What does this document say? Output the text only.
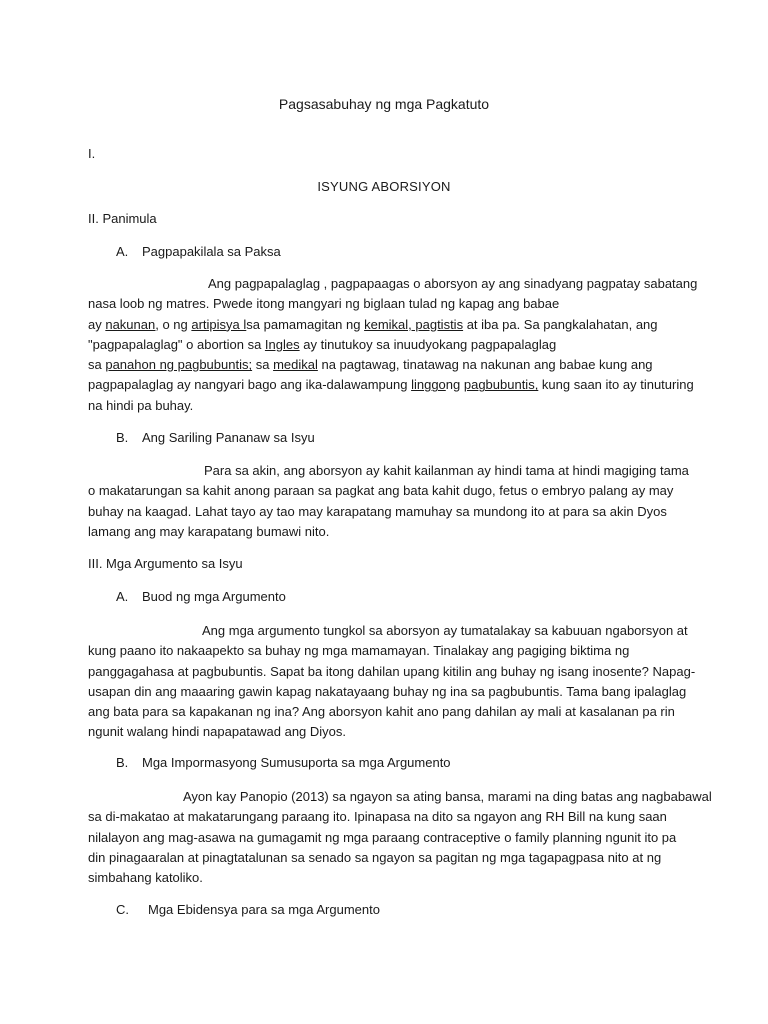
Pagsasabuhay ng mga Pagkatuto
I.
ISYUNG ABORSIYON
II. Panimula
A. Pagpapakilala sa Paksa
Ang pagpapalaglag , pagpapaagas o aborsyon ay ang sinadyang pagpatay sabatang
nasa loob ng matres. Pwede itong mangyari ng biglaan tulad ng kapag ang babae
ay nakunan, o ng artipisya lsa pamamagitan ng kemikal, pagtistis at iba pa. Sa pangkalahatan, ang
"pagpapalaglag" o abortion sa Ingles ay tinutukoy sa inuudyokang pagpapalaglag
sa panahon ng pagbubuntis; sa medikal na pagtawag, tinatawag na nakunan ang babae kung ang
pagpapalaglag ay nangyari bago ang ika-dalawampung linggong pagbubuntis, kung saan ito ay tinuturing
na hindi pa buhay.
B. Ang Sariling Pananaw sa Isyu
Para sa akin, ang aborsyon ay kahit kailanman ay hindi tama at hindi magiging tama
o makatarungan sa kahit anong paraan sa pagkat ang bata kahit dugo, fetus o embryo palang ay may
buhay na kaagad. Lahat tayo ay tao may karapatang mamuhay sa mundong ito at para sa akin Dyos
lamang ang may karapatang bumawi nito.
III. Mga Argumento sa Isyu
A. Buod ng mga Argumento
Ang mga argumento tungkol sa aborsyon ay tumatalakay sa kabuuan ngaborsyon at
kung paano ito nakaapekto sa buhay ng mga mamamayan. Tinalakay ang pagiging biktima ng
panggagahasa at pagbubuntis. Sapat ba itong dahilan upang kitilin ang buhay ng isang inosente? Napag-
usapan din ang maaaring gawin kapag nakatayaang buhay ng ina sa pagbubuntis. Tama bang ipalaglag
ang bata para sa kapakanan ng ina? Ang aborsyon kahit ano pang dahilan ay mali at kasalanan pa rin
ngunit walang hindi napapatawad ang Diyos.
B. Mga Impormasyong Sumusuporta sa mga Argumento
Ayon kay Panopio (2013) sa ngayon sa ating bansa, marami na ding batas ang nagbabawal
sa di-makatao at makatarungang paraang ito. Ipinapasa na dito sa ngayon ang RH Bill na kung saan
nilalayon ang mag-asawa na gumagamit ng mga paraang contraceptive o family planning ngunit ito pa
din pinagaaralan at pinagtatalunan sa senado sa ngayon sa pagitan ng mga tagapagpasa nito at ng
simbahang katoliko.
C. Mga Ebidensya para sa mga Argumento
